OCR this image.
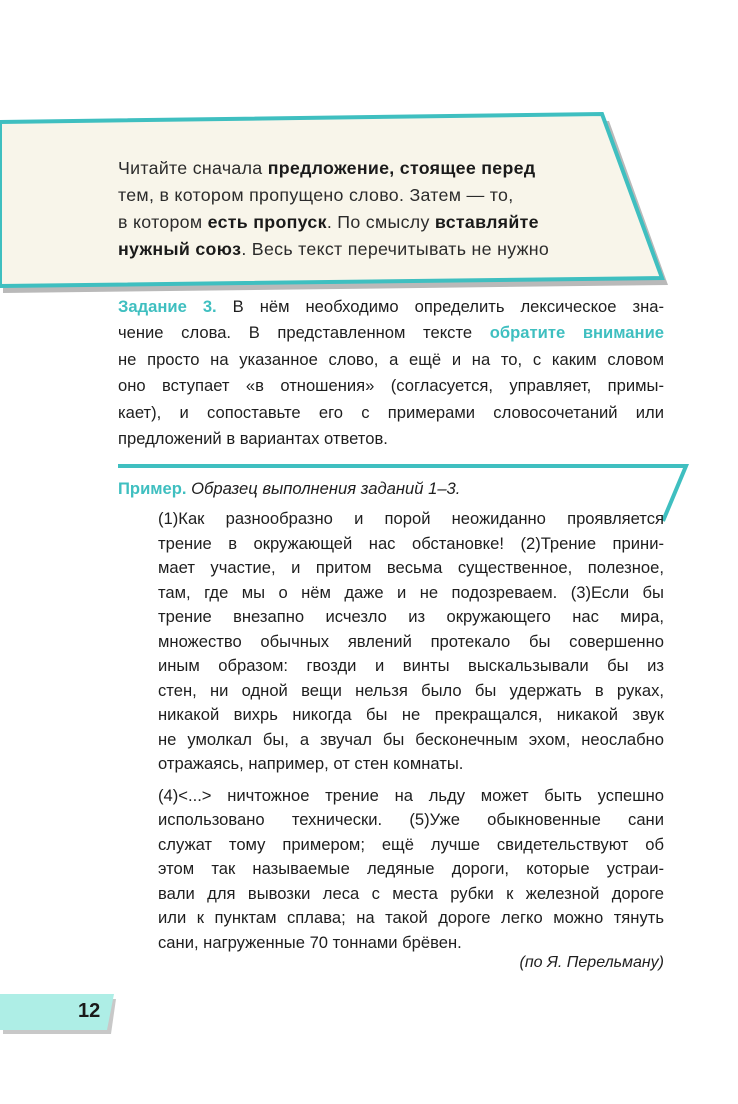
Читайте сначала предложение, стоящее перед
тем, в котором пропущено слово. Затем — то,
в котором есть пропуск. По смыслу вставляйте
нужный союз. Весь текст перечитывать не нужно
Задание 3. В нём необходимо определить лексическое зна-
чение слова. В представленном тексте обратите внимание
не просто на указанное слово, а ещё и на то, с каким словом
оно вступает «в отношения» (согласуется, управляет, примы-
кает), и сопоставьте его с примерами словосочетаний или
предложений в вариантах ответов.
Пример. Образец выполнения заданий 1–3.
(1)Как разнообразно и порой неожиданно проявляется
трение в окружающей нас обстановке! (2)Трение прини-
мает участие, и притом весьма существенное, полезное,
там, где мы о нём даже и не подозреваем. (3)Если бы
трение внезапно исчезло из окружающего нас мира,
множество обычных явлений протекало бы совершенно
иным образом: гвозди и винты выскальзывали бы из
стен, ни одной вещи нельзя было бы удержать в руках,
никакой вихрь никогда бы не прекращался, никакой звук
не умолкал бы, а звучал бы бесконечным эхом, неослабно
отражаясь, например, от стен комнаты.
(4)<...> ничтожное трение на льду может быть успешно
использовано технически. (5)Уже обыкновенные сани
служат тому примером; ещё лучше свидетельствуют об
этом так называемые ледяные дороги, которые устраи-
вали для вывозки леса с места рубки к железной дороге
или к пунктам сплава; на такой дороге легко можно тянуть
сани, нагруженные 70 тоннами брёвен.
(по Я. Перельману)
12
